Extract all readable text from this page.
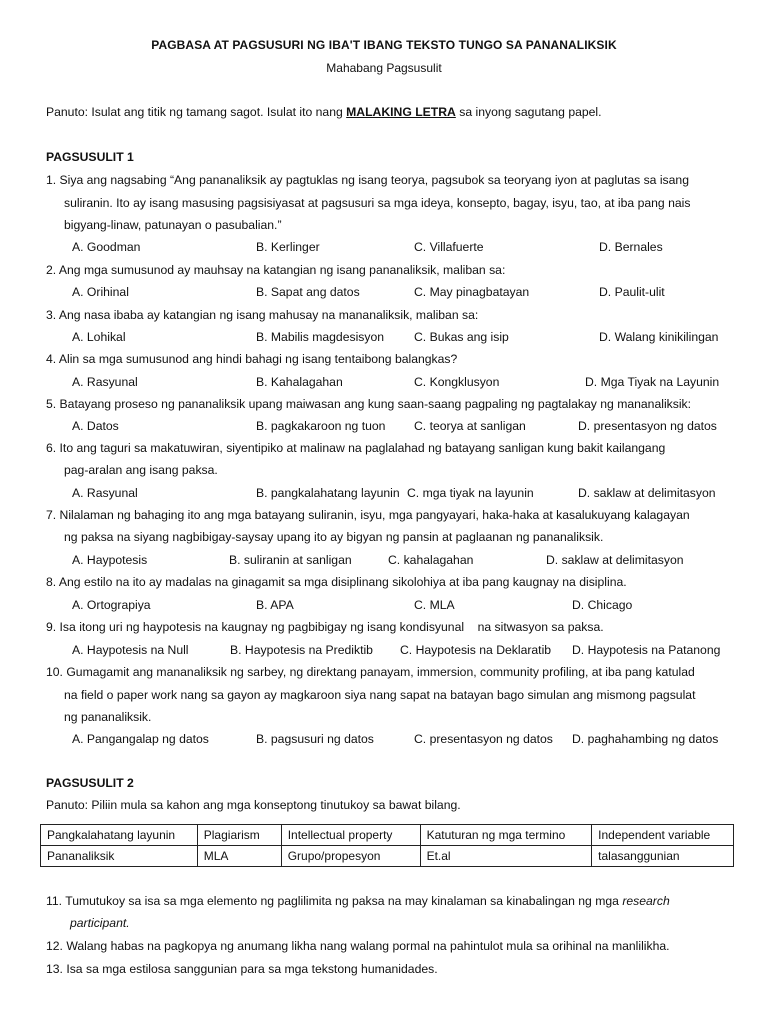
PAGBASA AT PAGSUSURI NG IBA'T IBANG TEKSTO TUNGO SA PANANALIKSIK
Mahabang Pagsusulit
Panuto: Isulat ang titik ng tamang sagot. Isulat ito nang MALAKING LETRA sa inyong sagutang papel.
PAGSUSULIT 1
1. Siya ang nagsabing “Ang pananaliksik ay pagtuklas ng isang teorya, pagsubok sa teoryang iyon at paglutas sa isang
suliranin. Ito ay isang masusing pagsisiyasat at pagsusuri sa mga ideya, konsepto, bagay, isyu, tao, at iba pang nais
bigyang-linaw, patunayan o pasubalian.”
A. Goodman	B. Kerlinger	C. Villafuerte	D. Bernales
2. Ang mga sumusunod ay mauhsay na katangian ng isang pananaliksik, maliban sa:
A. Orihinal	B. Sapat ang datos	C. May pinagbatayan	D. Paulit-ulit
3. Ang nasa ibaba ay katangian ng isang mahusay na mananaliksik, maliban sa:
A. Lohikal	B. Mabilis magdesisyon C. Bukas ang isip	D. Walang kinikilingan
4. Alin sa mga sumusunod ang hindi bahagi ng isang tentaibong balangkas?
A. Rasyunal	B. Kahalagahan	C. Kongklusyon	D. Mga Tiyak na Layunin
5. Batayang proseso ng pananaliksik upang maiwasan ang kung saan-saang pagpaling ng pagtalakay ng mananaliksik:
A. Datos	B. pagkakaroon ng tuon C. teorya at sanligan	D. presentasyon ng datos
6. Ito ang taguri sa makatuwiran, siyentipiko at malinaw na paglalahad ng batayang sanligan kung bakit kailangang
pag-aralan ang isang paksa.
A. Rasyunal	B. pangkalahatang layunin C. mga tiyak na layunin	D. saklaw at delimitasyon
7. Nilalaman ng bahaging ito ang mga batayang suliranin, isyu, mga pangyayari, haka-haka at kasalukuyang kalagayan
ng paksa na siyang nagbibigay-saysay upang ito ay bigyan ng pansin at paglaanan ng pananaliksik.
A. Haypotesis	B. suliranin at sanligan	C. kahalagahan	D. saklaw at delimitasyon
8. Ang estilo na ito ay madalas na ginagamit sa mga disiplinang sikolohiya at iba pang kaugnay na disiplina.
A. Ortograpiya	B. APA	C. MLA	D. Chicago
9. Isa itong uri ng haypotesis na kaugnay ng pagbibigay ng isang kondisyunal    na sitwasyon sa paksa.
A. Haypotesis na Null	B. Haypotesis na Prediktib C. Haypotesis na Deklaratib D. Haypotesis na Patanong
10. Gumagamit ang mananaliksik ng sarbey, ng direktang panayam, immersion, community profiling, at iba pang katulad
na field o paper work nang sa gayon ay magkaroon siya nang sapat na batayan bago simulan ang mismong pagsulat
ng pananaliksik.
A. Pangangalap ng datos	B. pagsusuri ng datos	C. presentasyon ng datos D. paghahambing ng datos
PAGSUSULIT 2
Panuto: Piliin mula sa kahon ang mga konseptong tinutukoy sa bawat bilang.
Pangkalahatang layunin	Plagiarism	Intellectual property	Katuturan ng mga termino	Independent variable
Pananaliksik	MLA	Grupo/propesyon	Et.al	talasanggunian
11. Tumutukoy sa isa sa mga elemento ng paglilimita ng paksa na may kinalaman sa kinabalingan ng mga research
participant.
12. Walang habas na pagkopya ng anumang likha nang walang pormal na pahintulot mula sa orihinal na manlilikha.
13. Isa sa mga estilosa sanggunian para sa mga tekstong humanidades.
